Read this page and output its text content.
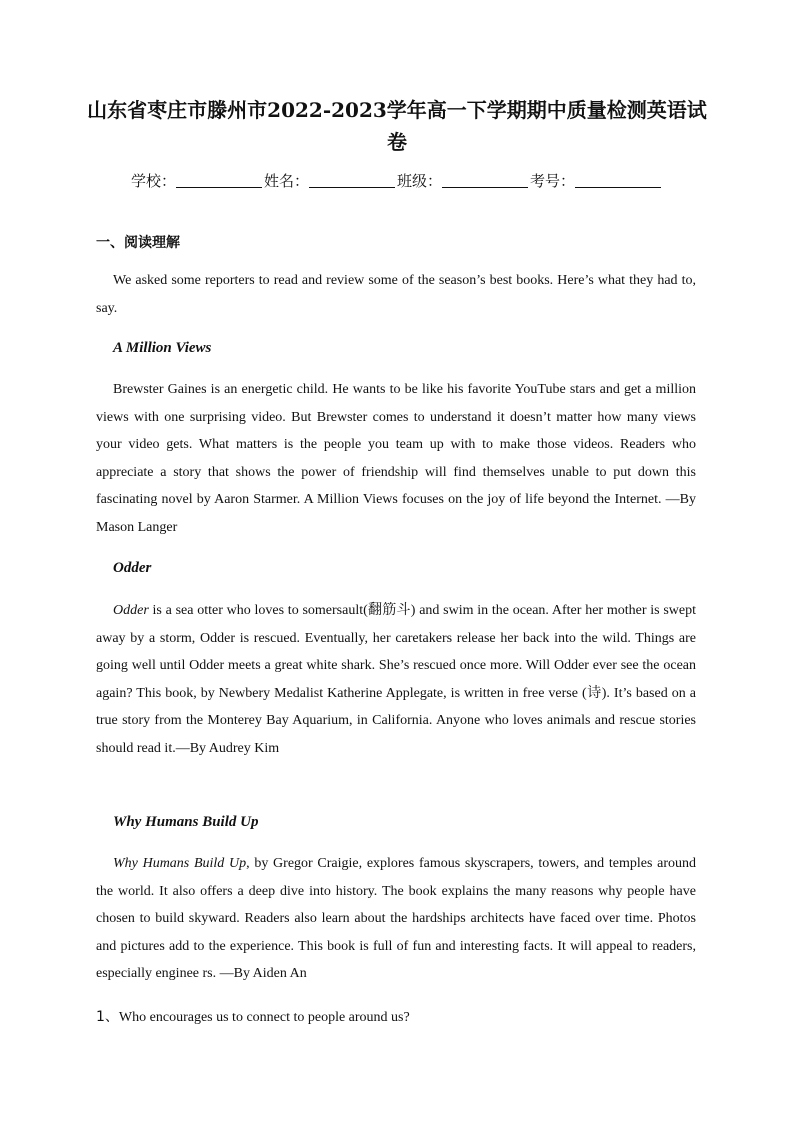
山东省枣庄市滕州市2022-2023学年高一下学期期中质量检测英语试
卷
学校：	姓名：	班级：	考号：
一、阅读理解

We asked some reporters to read and review some of the season’s best books. Here’s what they had to, say.

A Million Views

Brewster Gaines is an energetic child. He wants to be like his favorite YouTube stars and get a million views with one surprising video. But Brewster comes to understand it doesn’t matter how many views your video gets. What matters is the people you team up with to make those videos. Readers who appreciate a story that shows the power of friendship will find themselves unable to put down this fascinating novel by Aaron Starmer. A Million Views focuses on the joy of life beyond the Internet. —By Mason Langer

Odder

Odder is a sea otter who loves to somersault(翻筋斗) and swim in the ocean. After her mother is swept away by a storm, Odder is rescued. Eventually, her caretakers release her back into the wild. Things are going well until Odder meets a great white shark. She’s rescued once more. Will Odder ever see the ocean again? This book, by Newbery Medalist Katherine Applegate, is written in free verse (诗). It’s based on a true story from the Monterey Bay Aquarium, in California. Anyone who loves animals and rescue stories should read it.—By Audrey Kim

Why Humans Build Up

Why Humans Build Up, by Gregor Craigie, explores famous skyscrapers, towers, and temples around the world. It also offers a deep dive into history. The book explains the many reasons why people have chosen to build skyward. Readers also learn about the hardships architects have faced over time. Photos and pictures add to the experience. This book is full of fun and interesting facts. It will appeal to readers, especially enginee rs. —By Aiden An

1、Who encourages us to connect to people around us?
